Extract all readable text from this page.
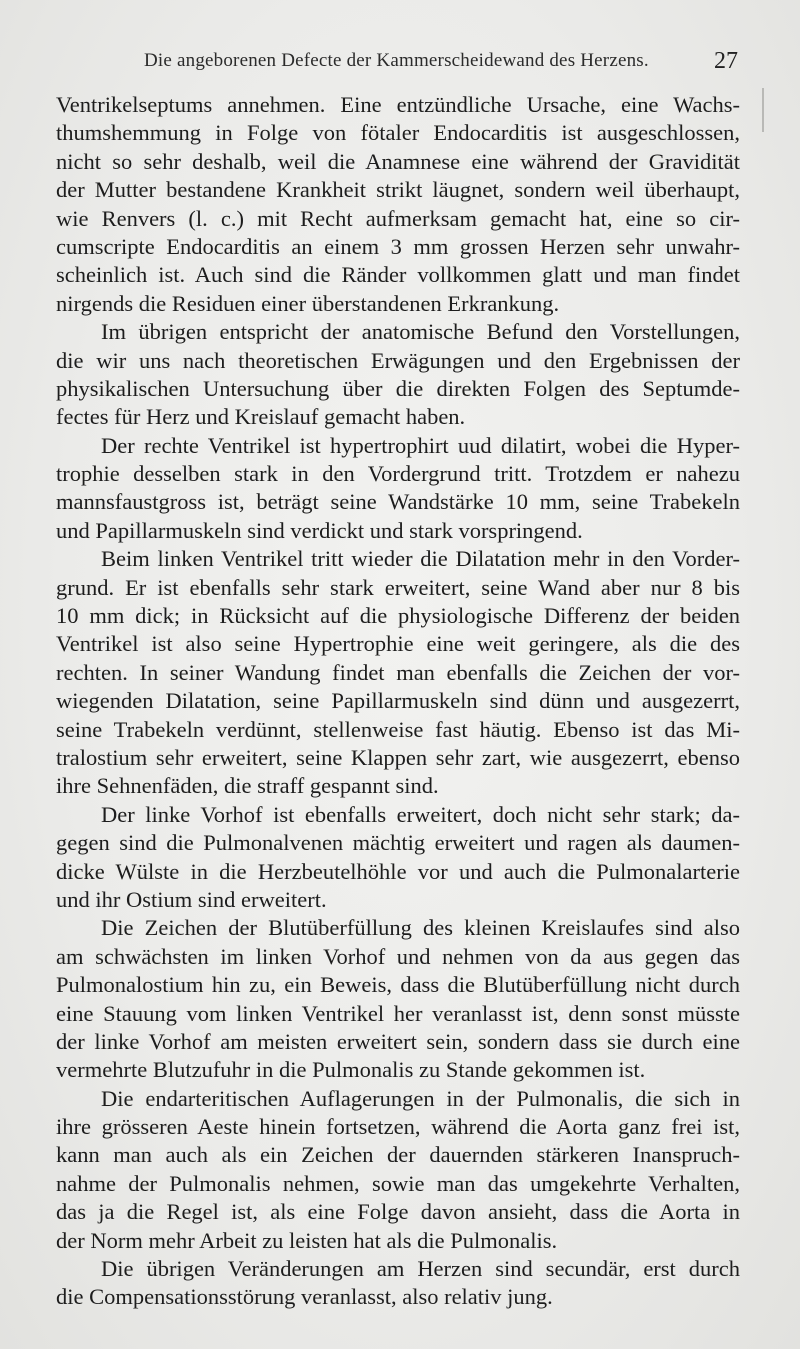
Die angeborenen Defecte der Kammerscheidewand des Herzens.	27
Ventrikelseptums annehmen. Eine entzündliche Ursache, eine Wachs-
thumshemmung in Folge von fötaler Endocarditis ist ausgeschlossen,
nicht so sehr deshalb, weil die Anamnese eine während der Gravidität
der Mutter bestandene Krankheit strikt läugnet, sondern weil überhaupt,
wie Renvers (l. c.) mit Recht aufmerksam gemacht hat, eine so cir-
cumscripte Endocarditis an einem 3 mm grossen Herzen sehr unwahr-
scheinlich ist. Auch sind die Ränder vollkommen glatt und man findet
nirgends die Residuen einer überstandenen Erkrankung.
Im übrigen entspricht der anatomische Befund den Vorstellungen,
die wir uns nach theoretischen Erwägungen und den Ergebnissen der
physikalischen Untersuchung über die direkten Folgen des Septumde-
fectes für Herz und Kreislauf gemacht haben.
Der rechte Ventrikel ist hypertrophirt uud dilatirt, wobei die Hyper-
trophie desselben stark in den Vordergrund tritt. Trotzdem er nahezu
mannsfaustgross ist, beträgt seine Wandstärke 10 mm, seine Trabekeln
und Papillarmuskeln sind verdickt und stark vorspringend.
Beim linken Ventrikel tritt wieder die Dilatation mehr in den Vorder-
grund. Er ist ebenfalls sehr stark erweitert, seine Wand aber nur 8 bis
10 mm dick; in Rücksicht auf die physiologische Differenz der beiden
Ventrikel ist also seine Hypertrophie eine weit geringere, als die des
rechten. In seiner Wandung findet man ebenfalls die Zeichen der vor-
wiegenden Dilatation, seine Papillarmuskeln sind dünn und ausgezerrt,
seine Trabekeln verdünnt, stellenweise fast häutig. Ebenso ist das Mi-
tralostium sehr erweitert, seine Klappen sehr zart, wie ausgezerrt, ebenso
ihre Sehnenfäden, die straff gespannt sind.
Der linke Vorhof ist ebenfalls erweitert, doch nicht sehr stark; da-
gegen sind die Pulmonalvenen mächtig erweitert und ragen als daumen-
dicke Wülste in die Herzbeutelhöhle vor und auch die Pulmonalarterie
und ihr Ostium sind erweitert.
Die Zeichen der Blutüberfüllung des kleinen Kreislaufes sind also
am schwächsten im linken Vorhof und nehmen von da aus gegen das
Pulmonalostium hin zu, ein Beweis, dass die Blutüberfüllung nicht durch
eine Stauung vom linken Ventrikel her veranlasst ist, denn sonst müsste
der linke Vorhof am meisten erweitert sein, sondern dass sie durch eine
vermehrte Blutzufuhr in die Pulmonalis zu Stande gekommen ist.
Die endarteritischen Auflagerungen in der Pulmonalis, die sich in
ihre grösseren Aeste hinein fortsetzen, während die Aorta ganz frei ist,
kann man auch als ein Zeichen der dauernden stärkeren Inanspruch-
nahme der Pulmonalis nehmen, sowie man das umgekehrte Verhalten,
das ja die Regel ist, als eine Folge davon ansieht, dass die Aorta in
der Norm mehr Arbeit zu leisten hat als die Pulmonalis.
Die übrigen Veränderungen am Herzen sind secundär, erst durch
die Compensationsstörung veranlasst, also relativ jung.
